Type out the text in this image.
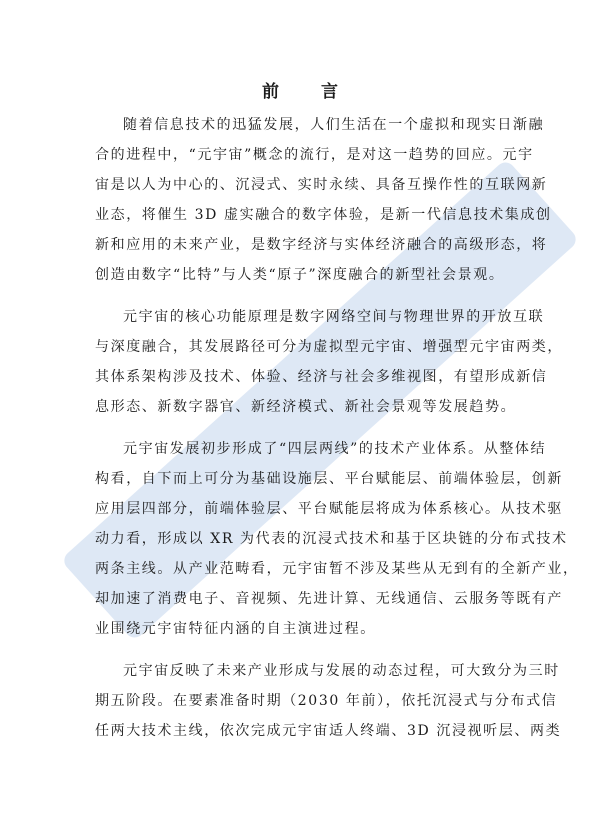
前 言
随着信息技术的迅猛发展，人们生活在一个虚拟和现实日渐融
合的进程中，“元宇宙”概念的流行，是对这一趋势的回应。元宇
宙是以人为中心的、沉浸式、实时永续、具备互操作性的互联网新
业态，将催生 3D 虚实融合的数字体验，是新一代信息技术集成创
新和应用的未来产业，是数字经济与实体经济融合的高级形态，将
创造由数字“比特”与人类“原子”深度融合的新型社会景观。
元宇宙的核心功能原理是数字网络空间与物理世界的开放互联
与深度融合，其发展路径可分为虚拟型元宇宙、增强型元宇宙两类，
其体系架构涉及技术、体验、经济与社会多维视图，有望形成新信
息形态、新数字器官、新经济模式、新社会景观等发展趋势。
元宇宙发展初步形成了“四层两线”的技术产业体系。从整体结
构看，自下而上可分为基础设施层、平台赋能层、前端体验层，创新
应用层四部分，前端体验层、平台赋能层将成为体系核心。从技术驱
动力看，形成以 XR 为代表的沉浸式技术和基于区块链的分布式技术
两条主线。从产业范畴看，元宇宙暂不涉及某些从无到有的全新产业，
却加速了消费电子、音视频、先进计算、无线通信、云服务等既有产
业围绕元宇宙特征内涵的自主演进过程。
元宇宙反映了未来产业形成与发展的动态过程，可大致分为三时
期五阶段。在要素准备时期（2030 年前），依托沉浸式与分布式信
任两大技术主线，依次完成元宇宙适人终端、3D 沉浸视听层、两类
